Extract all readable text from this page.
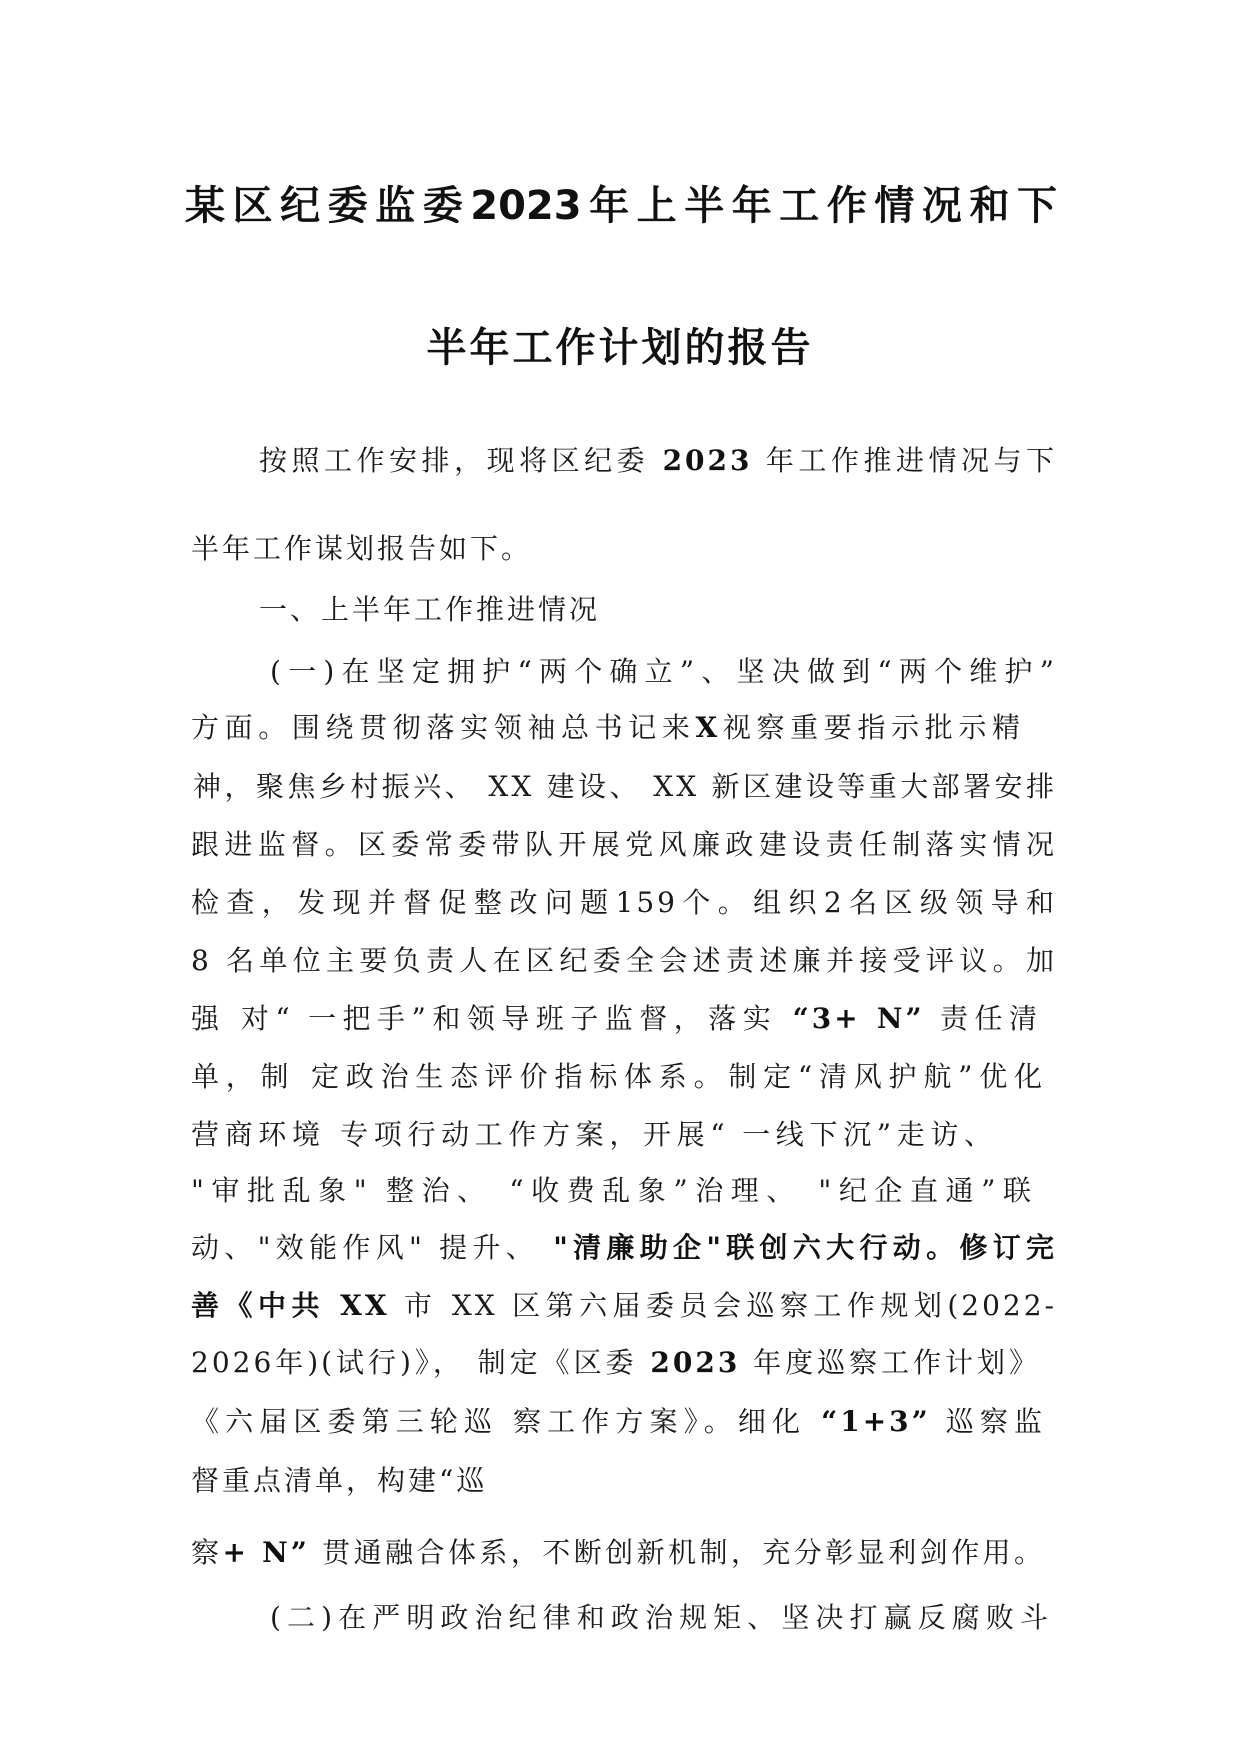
某区纪委监委2023年上半年工作情况和下
半年工作计划的报告
按照工作安排，现将区纪委 2023 年工作推进情况与下
半年工作谋划报告如下。
一、上半年工作推进情况
(一)在坚定拥护“两个确立”、坚决做到“两个维护”
方面。围绕贯彻落实领袖总书记来X视察重要指示批示精
神，聚焦乡村振兴、 XX 建设、 XX 新区建设等重大部署安排
跟进监督。区委常委带队开展党风廉政建设责任制落实情况
检查，发现并督促整改问题159个。组织2名区级领导和
8 名单位主要负责人在区纪委全会述责述廉并接受评议。加
强 对“ 一把手”和领导班子监督，落实 “3+ N” 责任清
单，制 定政治生态评价指标体系。制定“清风护航”优化
营商环境 专项行动工作方案，开展“ 一线下沉”走访、
"审批乱象" 整治、 “收费乱象”治理、 "纪企直通”联
动、"效能作风" 提升、 "清廉助企"联创六大行动。修订完
善《中共 XX 市 XX 区第六届委员会巡察工作规划(2022-
2026年)(试行)》， 制定《区委 2023 年度巡察工作计划》
《六届区委第三轮巡 察工作方案》。细化 “1+3” 巡察监
督重点清单，构建“巡
察+ N” 贯通融合体系，不断创新机制，充分彰显利剑作用。
(二)在严明政治纪律和政治规矩、坚决打赢反腐败斗
